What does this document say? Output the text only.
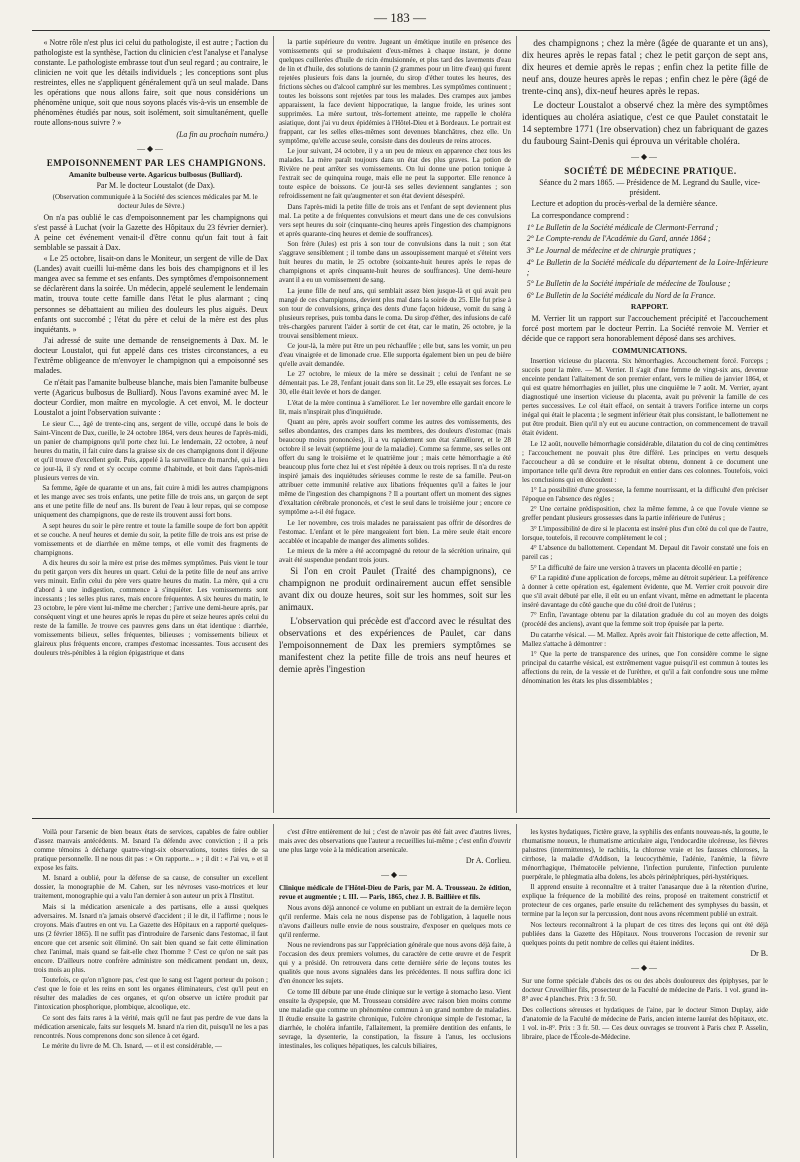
— 183 —

« Notre rôle n'est plus ici celui du pathologiste, il est autre ; l'action du pathologiste est la synthèse, l'action du clinicien c'est l'analyse et l'analyse constante. Le pathologiste embrasse tout d'un seul regard ; au contraire, le clinicien ne voit que les détails individuels ; les conceptions sont plus restreintes, elles ne s'appliquent généralement qu'à un seul malade. Dans les opérations que nous allons faire, soit que nous considérions un phénomène unique, soit que nous soyons placés vis-à-vis un ensemble de phénomènes étudiés par nous, soit isolément, soit simultanément, quelle route allons-nous suivre ? »

(La fin au prochain numéro.)

—◆—

EMPOISONNEMENT PAR LES CHAMPIGNONS.

Amanite bulbeuse verte. Agaricus bulbosus (Bulliard).

Par M. le docteur Loustalot (de Dax).

(Observation communiquée à la Société des sciences médicales par M. le docteur Jules de Sèvre.)

On n'a pas oublié le cas d'empoisonnement par les champignons qui s'est passé à Luchat (voir la Gazette des Hôpitaux du 23 février dernier). A peine cet événement venait-il d'être connu qu'un fait tout à fait semblable se passait à Dax.

« Le 25 octobre, lisait-on dans le Moniteur, un sergent de ville de Dax (Landes) avait cueilli lui-même dans les bois des champignons et il les mangea avec sa femme et ses enfants. Des symptômes d'empoisonnement se déclarèrent dans la soirée. Un médecin, appelé seulement le lendemain matin, trouva toute cette famille dans l'état le plus alarmant ; cinq personnes se débattaient au milieu des douleurs les plus aiguës. Deux enfants ont succombé ; l'état du père et celui de la mère est des plus inquiétants. »

J'ai adressé de suite une demande de renseignements à Dax. M. le docteur Loustalot, qui fut appelé dans ces tristes circonstances, a eu l'extrême obligeance de m'envoyer le champignon qui a empoisonné ses malades.

Ce n'était pas l'amanite bulbeuse blanche, mais bien l'amanite bulbeuse verte (Agaricus bulbosus de Bulliard). Nous l'avons examiné avec M. le docteur Cordier, mon maître en mycologie. A cet envoi, M. le docteur Loustalot a joint l'observation suivante :

Le sieur C..., âgé de trente-cinq ans, sergent de ville, occupé dans le bois de Saint-Vincent de Dax, cueille, le 24 octobre 1864, vers deux heures de l'après-midi, un panier de champignons qu'il porte chez lui. Le lendemain, 22 octobre, à neuf heures du matin, il fait cuire dans la graisse six de ces champignons dont il déjeune et qu'il trouve d'excellent goût. Puis, appelé à la surveillance du marché, qui a lieu ce jour-là, il s'y rend et s'y occupe comme d'habitude, et boit dans l'après-midi plusieurs verres de vin.

Sa femme, âgée de quarante et un ans, fait cuire à midi les autres champignons et les mange avec ses trois enfants, une petite fille de trois ans, un garçon de sept ans et une petite fille de neuf ans. Ils burent de l'eau à leur repas, qui se compose uniquement des champignons, que de reste ils trouvent aussi fort bons.

A sept heures du soir le père rentre et toute la famille soupe de fort bon appétit et se couche. A neuf heures et demie du soir, la petite fille de trois ans est prise de vomissements et de diarrhée en même temps, et elle vomit des fragments de champignons.

A dix heures du soir la mère est prise des mêmes symptômes. Puis vient le tour du petit garçon vers dix heures un quart. Celui de la petite fille de neuf ans arrive vers minuit. Enfin celui du père vers quatre heures du matin. La mère, qui a cru d'abord à une indigestion, commence à s'inquiéter. Les vomissements sont incessants ; les selles plus rares, mais encore fréquentes. A six heures du matin, le 23 octobre, le père vient lui-même me chercher ; j'arrive une demi-heure après, par conséquent vingt et une heures après le repas du père et seize heures après celui du reste de la famille. Je trouve ces pauvres gens dans un état identique : diarrhée, vomissements bilieux, selles fréquentes, bilieuses ; vomissements bilieux et glaireux plus fréquents encore, crampes d'estomac incessantes. Tous accusent des douleurs très-pénibles à la région épigastrique et dans

la partie supérieure du ventre. Jugeant un émétique inutile en présence des vomissements qui se produisaient d'eux-mêmes à chaque instant, je donne quelques cuillerées d'huile de ricin émulsionnée, et plus tard des lavements d'eau de lin et d'huile, des solutions de tannin (2 grammes pour un litre d'eau) qui furent rejetées plusieurs fois dans la journée, du sirop d'éther toutes les heures, des frictions sèches ou d'alcool camphré sur les membres. Les symptômes continuent ; toutes les boissons sont rejetées par tous les malades. Des crampes aux jambes apparaissent, la face devient hippocratique, la langue froide, les urines sont supprimées. La mère surtout, très-fortement atteinte, me rappelle le choléra asiatique, dont j'ai vu deux épidémies à l'Hôtel-Dieu et à Bordeaux. Le portrait est frappant, car les selles elles-mêmes sont devenues blanchâtres, chez elle. Un symptôme, qu'elle accuse seule, consiste dans des douleurs de reins atroces.

Le jour suivant, 24 octobre, il y a un peu de mieux en apparence chez tous les malades. La mère paraît toujours dans un état des plus graves. La potion de Rivière ne peut arrêter ses vomissements. On lui donne une potion tonique à l'extrait sec de quinquina rouge, mais elle ne peut la supporter. Elle renonce à toute espèce de boissons. Ce jour-là ses selles deviennent sanglantes ; son refroidissement ne fait qu'augmenter et son état devient désespéré.

Dans l'après-midi la petite fille de trois ans et l'enfant de sept deviennent plus mal. La petite a de fréquentes convulsions et meurt dans une de ces convulsions vers sept heures du soir (cinquante-cinq heures après l'ingestion des champignons et après quarante-cinq heures et demie de souffrances).

Son frère (Jules) est pris à son tour de convulsions dans la nuit ; son état s'aggrave sensiblement ; il tombe dans un assoupissement marqué et s'éteint vers huit heures du matin, le 25 octobre (soixante-huit heures après le repas de champignons et après cinquante-huit heures de souffrances). Une demi-heure avant il a eu un vomissement de sang.

La jeune fille de neuf ans, qui semblait assez bien jusque-là et qui avait peu mangé de ces champignons, devient plus mal dans la soirée du 25. Elle fut prise à son tour de convulsions, grinça des dents d'une façon hideuse, vomit du sang à plusieurs reprises, puis tomba dans le coma. Du sirop d'éther, des infusions de café très-chargées parurent l'aider à sortir de cet état, car le matin, 26 octobre, je la trouvai sensiblement mieux.

Ce jour-là, la mère put être un peu réchauffée ; elle but, sans les vomir, un peu d'eau vinaigrée et de limonade crue. Elle supporta également bien un peu de bière qu'elle avait demandée.

Le 27 octobre, le mieux de la mère se dessinait ; celui de l'enfant ne se démentait pas. Le 28, l'enfant jouait dans son lit. Le 29, elle essayait ses forces. Le 30, elle était levée et hors de danger.

L'état de la mère continua à s'améliorer. Le 1er novembre elle gardait encore le lit, mais n'inspirait plus d'inquiétude.

Quant au père, après avoir souffert comme les autres des vomissements, des selles abondantes, des crampes dans les membres, des douleurs d'estomac (mais beaucoup moins prononcées), il a vu rapidement son état s'améliorer, et le 28 octobre il se levait (septième jour de la maladie). Comme sa femme, ses selles ont offert du sang le troisième et le quatrième jour ; mais cette hémorrhagie a été beaucoup plus forte chez lui et s'est répétée à deux ou trois reprises. Il n'a du reste inspiré jamais des inquiétudes sérieuses comme le reste de sa famille. Peut-on attribuer cette immunité relative aux libations fréquentes qu'il a faites le jour même de l'ingestion des champignons ? Il a pourtant offert un moment des signes d'exaltation cérébrale prononcés, et c'est le seul dans le troisième jour ; encore ce symptôme a-t-il été fugace.

Le 1er novembre, ces trois malades ne paraissaient pas offrir de désordres de l'estomac. L'enfant et le père mangeaient fort bien. La mère seule était encore accablée et incapable de manger des aliments solides.

Le mieux de la mère a été accompagné du retour de la sécrétion urinaire, qui avait été suspendue pendant trois jours.

Si l'on en croit Paulet (Traité des champignons), ce champignon ne produit ordinairement aucun effet sensible avant dix ou douze heures, soit sur les hommes, soit sur les animaux.

L'observation qui précède est d'accord avec le résultat des observations et des expériences de Paulet, car dans l'empoisonnement de Dax les premiers symptômes se manifestent chez la petite fille de trois ans neuf heures et demie après l'ingestion

des champignons ; chez la mère (âgée de quarante et un ans), dix heures après le repas fatal ; chez le petit garçon de sept ans, dix heures et demie après le repas ; enfin chez la petite fille de neuf ans, douze heures après le repas ; enfin chez le père (âgé de trente-cinq ans), dix-neuf heures après le repas.

Le docteur Loustalot a observé chez la mère des symptômes identiques au choléra asiatique, c'est ce que Paulet constatait le 14 septembre 1771 (1re observation) chez un fabriquant de gazes du faubourg Saint-Denis qui éprouva un véritable choléra.

—◆—

SOCIÉTÉ DE MÉDECINE PRATIQUE.

Séance du 2 mars 1865. — Présidence de M. Legrand du Saulle, vice-président.

Lecture et adoption du procès-verbal de la dernière séance.

La correspondance comprend :

1° Le Bulletin de la Société médicale de Clermont-Ferrand ;

2° Le Compte-rendu de l'Académie du Gard, année 1864 ;

3° Le Journal de médecine et de chirurgie pratiques ;

4° Le Bulletin de la Société médicale du département de la Loire-Inférieure ;

5° Le Bulletin de la Société impériale de médecine de Toulouse ;

6° Le Bulletin de la Société médicale du Nord de la France.

RAPPORT.

M. Verrier lit un rapport sur l'accouchement précipité et l'accouchement forcé post mortem par le docteur Perrin. La Société renvoie M. Verrier et décide que ce rapport sera honorablement déposé dans ses archives.

COMMUNICATIONS.

Insertion vicieuse du placenta. Six hémorrhagies. Accouchement forcé. Forceps ; succès pour la mère. — M. Verrier. Il s'agit d'une femme de vingt-six ans, devenue enceinte pendant l'allaitement de son premier enfant, vers le milieu de janvier 1864, et qui est quatre hémorrhagies en juillet, plus une cinquième le 7 août. M. Verrier, ayant diagnostiqué une insertion vicieuse du placenta, avait pu prévenir la famille de ces pertes successives. Le col était effacé, on sentait à travers l'orifice interne un corps inégal qui était le placenta ; le segment inférieur était plus consistant, le ballottement ne put être produit. Bien qu'il n'y eut eu aucune contraction, on commencement de travail était évident.

Le 12 août, nouvelle hémorrhagie considérable, dilatation du col de cinq centimètres ; l'accouchement ne pouvait plus être différé. Les principes en vertu desquels l'accoucheur a dû se conduire et le résultat obtenu, donnent à ce document une importance telle qu'il devra être reproduit en entier dans ces colonnes. Toutefois, voici les conclusions qui en découlent :

1° La possibilité d'une grossesse, la femme nourrissant, et la difficulté d'en préciser l'époque en l'absence des règles ;

2° Une certaine prédisposition, chez la même femme, à ce que l'ovule vienne se greffer pendant plusieurs grossesses dans la partie inférieure de l'utérus ;

3° L'impossibilité de dire si le placenta est inséré plus d'un côté du col que de l'autre, lorsque, toutefois, il recouvre complètement le col ;

4° L'absence du ballottement. Cependant M. Depaul dit l'avoir constaté une fois en pareil cas ;

5° La difficulté de faire une version à travers un placenta décollé en partie ;

6° La rapidité d'une application de forceps, même au détroit supérieur. La préférence à donner à cette opération est, également évidente, que M. Verrier croit pouvoir dire que s'il avait débuté par elle, il eût eu un enfant vivant, même en admettant le placenta inséré davantage du côté gauche que du côté droit de l'utérus ;

7° Enfin, l'avantage obtenu par la dilatation graduée du col au moyen des doigts (procédé des anciens), avant que la femme soit trop épuisée par la perte.

Du catarrhe vésical. — M. Mallez. Après avoir fait l'historique de cette affection, M. Mallez s'attache à démontrer :

1° Que la perte de transparence des urines, que l'on considère comme le signe principal du catarrhe vésical, est extrêmement vague puisqu'il est commun à toutes les affections du rein, de la vessie et de l'urèthre, et qu'il a fait confondre sous une même dénomination les états les plus dissemblables ;

Voilà pour l'arsenic de bien beaux états de services, capables de faire oublier d'assez mauvais antécédents. M. Isnard l'a défendu avec conviction ; il a pris comme témoins à décharge quatre-vingt-six observations, toutes tirées de sa pratique personnelle. Il ne nous dit pas : « On rapporte... » ; il dit : « J'ai vu, » et il expose les faits.

M. Isnard a oublié, pour la défense de sa cause, de consulter un excellent dossier, la monographie de M. Cahen, sur les névroses vaso-motrices et leur traitement, monographie qui a valu l'an dernier à son auteur un prix à l'Institut.

Mais si la médication arsenicale a des partisans, elle a aussi quelques adversaires. M. Isnard n'a jamais observé d'accident ; il le dit, il l'affirme ; nous le croyons. Mais d'autres en ont vu. La Gazette des Hôpitaux en a rapporté quelques-uns (2 février 1865). Il ne suffit pas d'introduire de l'arsenic dans l'estomac, il faut encore que cet arsenic soit éliminé. On sait bien quand se fait cette élimination chez l'animal, mais quand se fait-elle chez l'homme ? C'est ce qu'on ne sait pas encore. D'ailleurs notre confrère administre son médicament pendant un, deux, trois mois au plus.

Toutefois, ce qu'on n'ignore pas, c'est que le sang est l'agent porteur du poison ; c'est que le foie et les reins en sont les organes éliminateurs, c'est qu'il peut en résulter des maladies de ces organes, et qu'on observe un ictère produit par l'intoxication phosphorique, plombique, alcoolique, etc.

Ce sont des faits rares à la vérité, mais qu'il ne faut pas perdre de vue dans la médication arsenicale, faits sur lesquels M. Isnard n'a rien dit, puisqu'il ne les a pas rencontrés. Nous comprenons donc son silence à cet égard.

Le mérite du livre de M. Ch. Isnard, — et il est considérable, —

c'est d'être entièrement de lui ; c'est de n'avoir pas été fait avec d'autres livres, mais avec des observations que l'auteur a recueillies lui-même ; c'est enfin d'ouvrir une plus large voie à la médication arsenicale.

Dr A. Corlieu.

—◆—

Clinique médicale de l'Hôtel-Dieu de Paris, par M. A. Trousseau. 2e édition, revue et augmentée ; t. III. — Paris, 1865, chez J. B. Baillière et fils.

Nous avons déjà annoncé ce volume en publiant un extrait de la dernière leçon qu'il renferme. Mais cela ne nous dispense pas de l'obligation, à laquelle nous n'avons d'ailleurs nulle envie de nous soustraire, d'exposer en quelques mots ce qu'il renferme.

Nous ne reviendrons pas sur l'appréciation générale que nous avons déjà faite, à l'occasion des deux premiers volumes, du caractère de cette œuvre et de l'esprit qui y a présidé. On retrouvera dans cette dernière série de leçons toutes les qualités que nous avons signalées dans les précédentes. Il nous suffira donc ici d'en énoncer les sujets.

Ce tome III débute par une étude clinique sur le vertige à stomacho læso. Vient ensuite la dyspepsie, que M. Trousseau considère avec raison bien moins comme une maladie que comme un phénomène commun à un grand nombre de maladies. Il étudie ensuite la gastrite chronique, l'ulcère chronique simple de l'estomac, la diarrhée, le choléra infantile, l'allaitement, la première dentition des enfants, le sevrage, la dysenterie, la constipation, la fissure à l'anus, les occlusions intestinales, les coliques hépatiques, les calculs biliaires,

les kystes hydatiques, l'ictère grave, la syphilis des enfants nouveau-nés, la goutte, le rhumatisme noueux, le rhumatisme articulaire aigu, l'endocardite ulcéreuse, les fièvres palustres (intermittentes), le rachitis, la chlorose vraie et les fausses chloroses, la cirrhose, la maladie d'Addison, la leucocythémie, l'adénie, l'anémie, la fièvre ménorrhagique, l'hématocèle pelvienne, l'infection purulente, l'infection purulente puerpérale, le phlegmatia alba dolens, les abcès périnéphriques, péri-hystériques.

Il apprend ensuite à reconnaître et à traiter l'anasarque due à la rétention d'urine, explique la fréquence de la mobilité des reins, proposé en traitement constrictif et protecteur de ces organes, parle ensuite du relâchement des symphyses du bassin, et termine par la leçon sur la percussion, dont nous avons récemment publié un extrait.

Nos lecteurs reconnaîtront à la plupart de ces titres des leçons qui ont été déjà publiées dans la Gazette des Hôpitaux. Nous trouverons l'occasion de revenir sur quelques points du petit nombre de celles qui étaient inédites.

Dr B.

—◆—

Sur une forme spéciale d'abcès des os ou des abcès douloureux des épiphyses, par le docteur Cruveilhier fils, prosecteur de la Faculté de médecine de Paris. 1 vol. grand in-8° avec 4 planches. Prix : 3 fr. 50.

Des collections séreuses et hydatiques de l'aine, par le docteur Simon Duplay, aide d'anatomie de la Faculté de médecine de Paris, ancien interne lauréat des hôpitaux, etc. 1 vol. in-8°. Prix : 3 fr. 50. — Ces deux ouvrages se trouvent à Paris chez P. Asselin, libraire, place de l'École-de-Médecine.
